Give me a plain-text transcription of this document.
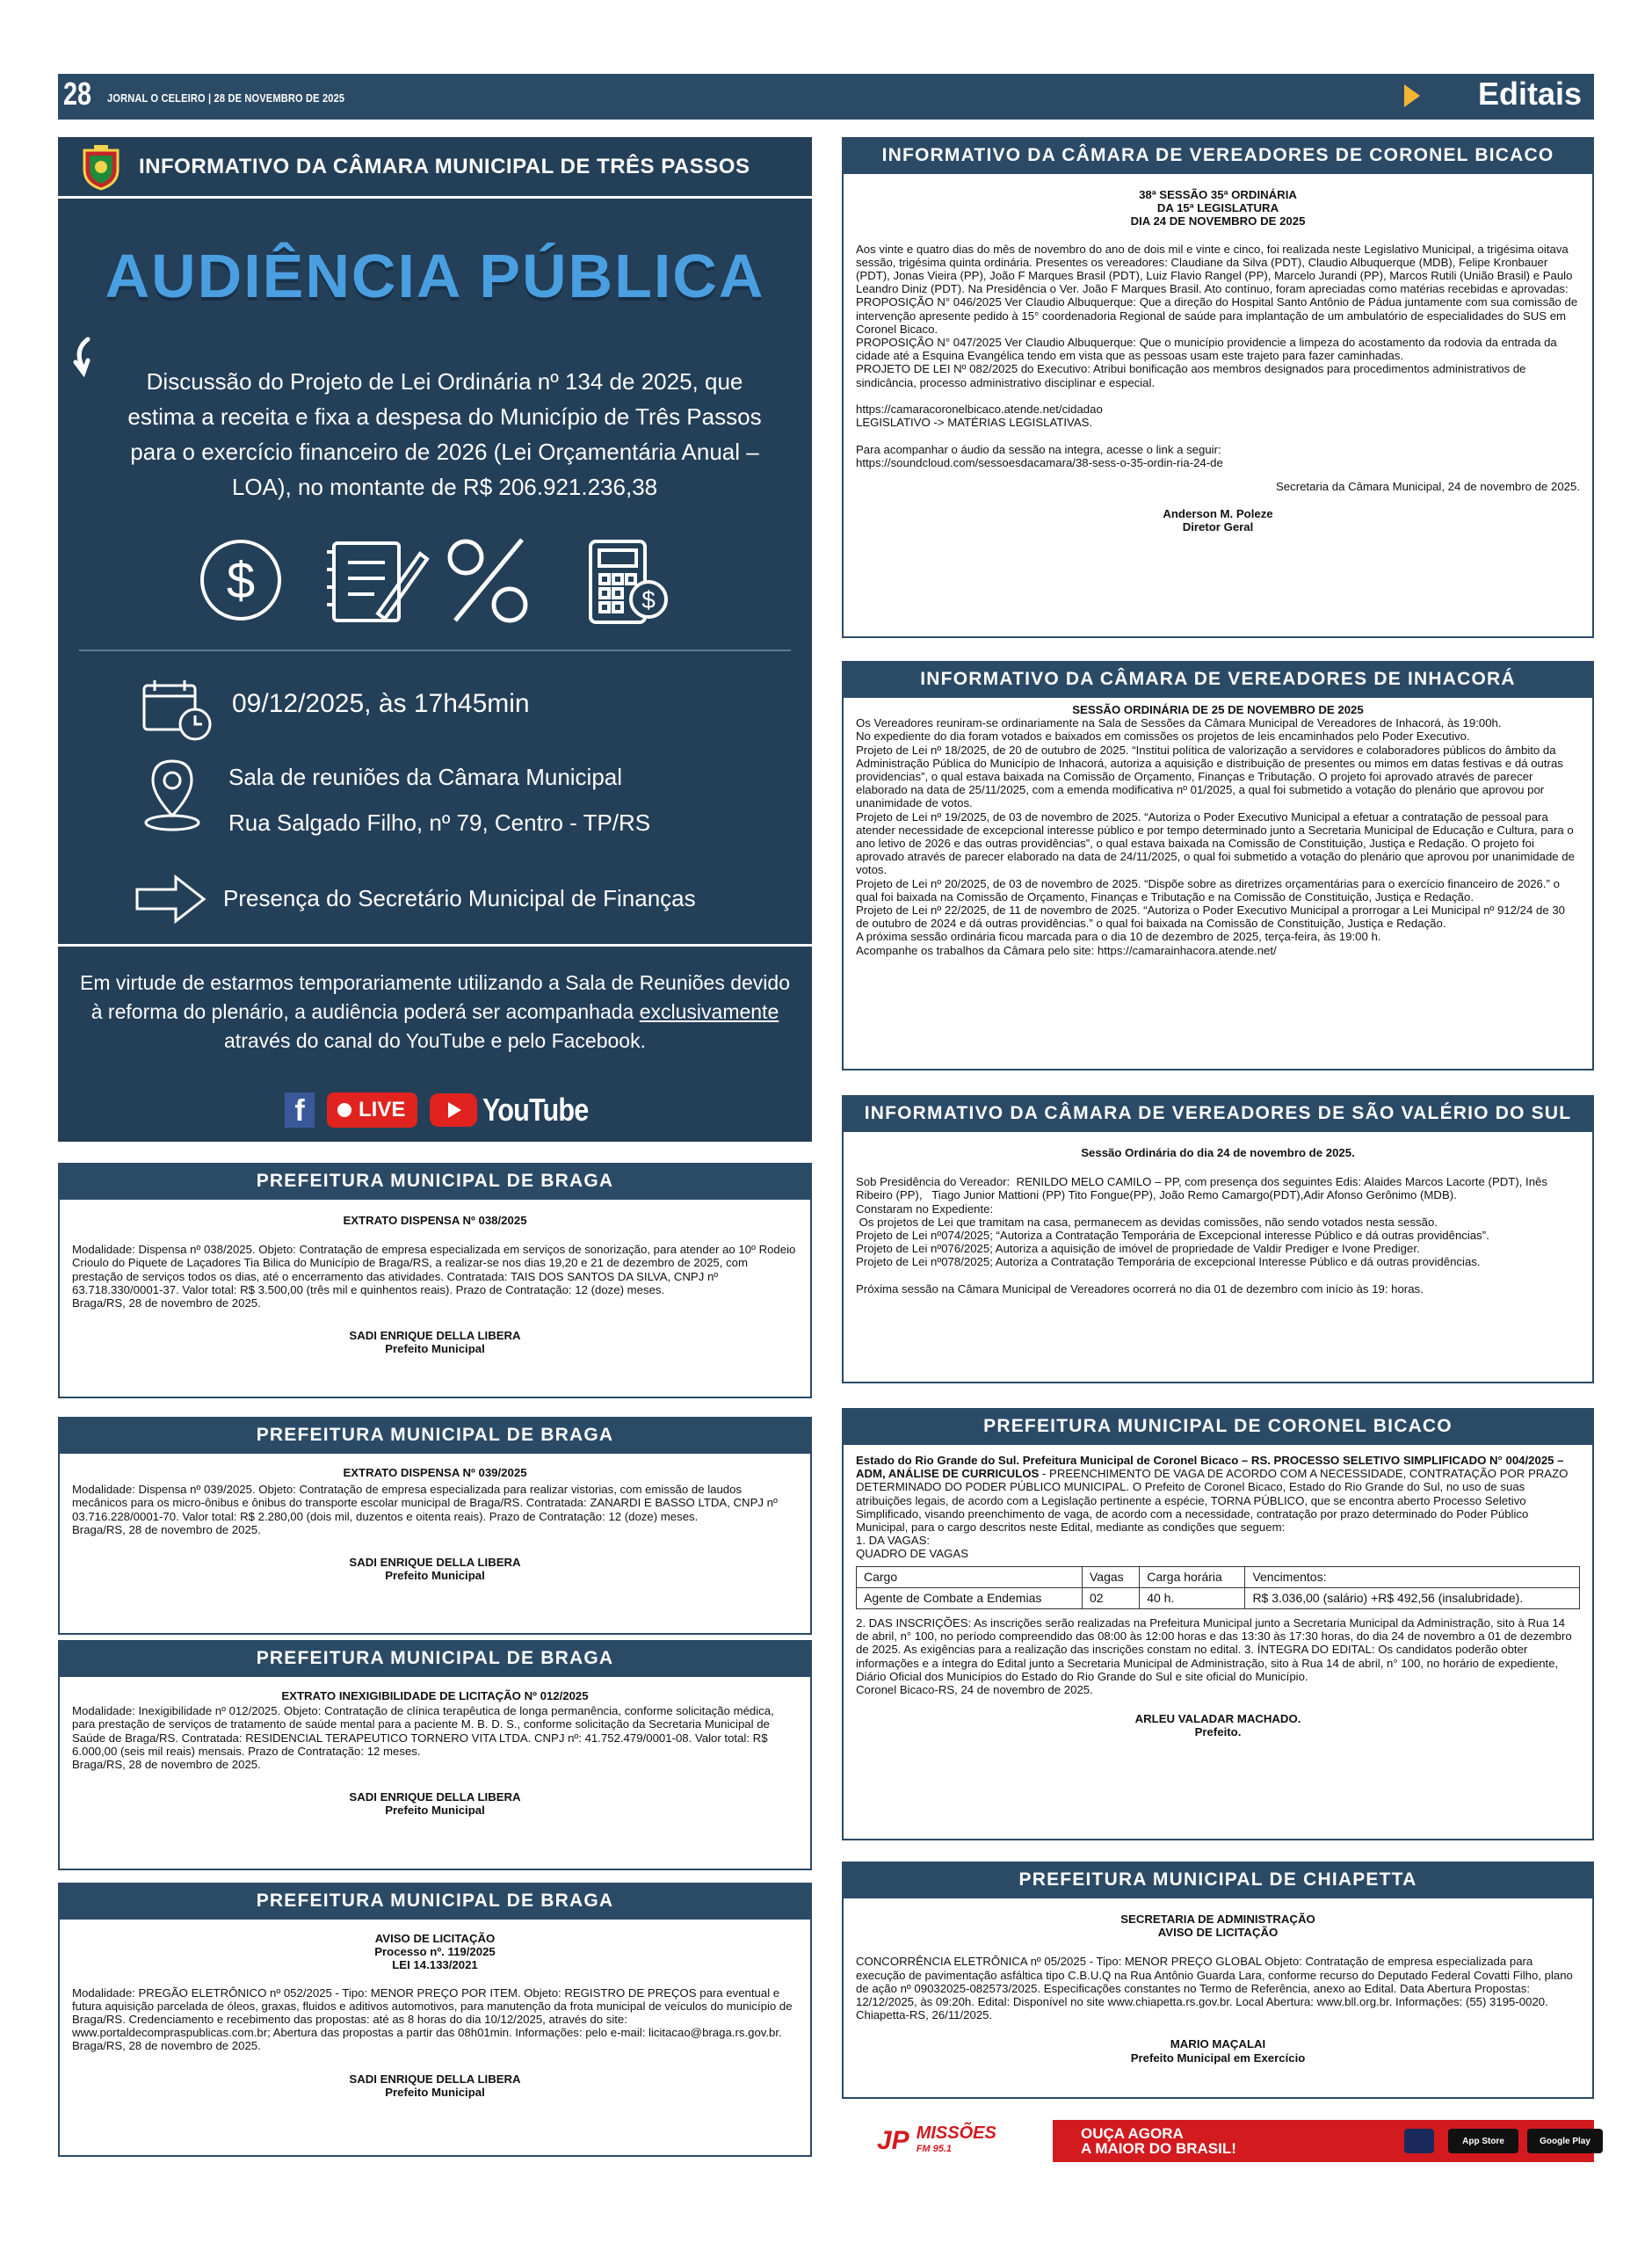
28 JORNAL O CELEIRO | 28 DE NOVEMBRO DE 2025	Editais
INFORMATIVO DA CÂMARA MUNICIPAL DE TRÊS PASSOS
AUDIÊNCIA PÚBLICA
Discussão do Projeto de Lei Ordinária nº 134 de 2025, que estima a receita e fixa a despesa do Município de Três Passos para o exercício financeiro de 2026 (Lei Orçamentária Anual – LOA), no montante de R$ 206.921.236,38
$	$
09/12/2025, às 17h45min
Sala de reuniões da Câmara Municipal
Rua Salgado Filho, nº 79, Centro - TP/RS
Presença do Secretário Municipal de Finanças
Em virtude de estarmos temporariamente utilizando a Sala de Reuniões devido à reforma do plenário, a audiência poderá ser acompanhada exclusivamente através do canal do YouTube e pelo Facebook.
f	LIVE YouTube
PREFEITURA MUNICIPAL DE BRAGA
EXTRATO DISPENSA Nº 038/2025
Modalidade: Dispensa nº 038/2025. Objeto: Contratação de empresa especializada em serviços de sonorização, para atender ao 10º Rodeio Crioulo do Piquete de Laçadores Tia Bilica do Município de Braga/RS, a realizar-se nos dias 19,20 e 21 de dezembro de 2025, com prestação de serviços todos os dias, até o encerramento das atividades. Contratada: TAIS DOS SANTOS DA SILVA, CNPJ nº 63.718.330/0001-37. Valor total: R$ 3.500,00 (três mil e quinhentos reais). Prazo de Contratação: 12 (doze) meses.
Braga/RS, 28 de novembro de 2025.
SADI ENRIQUE DELLA LIBERA
Prefeito Municipal
PREFEITURA MUNICIPAL DE BRAGA
EXTRATO DISPENSA Nº 039/2025
Modalidade: Dispensa nº 039/2025. Objeto: Contratação de empresa especializada para realizar vistorias, com emissão de laudos mecânicos para os micro-ônibus e ônibus do transporte escolar municipal de Braga/RS. Contratada: ZANARDI E BASSO LTDA, CNPJ nº 03.716.228/0001-70. Valor total: R$ 2.280,00 (dois mil, duzentos e oitenta reais). Prazo de Contratação: 12 (doze) meses.
Braga/RS, 28 de novembro de 2025.
SADI ENRIQUE DELLA LIBERA
Prefeito Municipal
PREFEITURA MUNICIPAL DE BRAGA
EXTRATO INEXIGIBILIDADE DE LICITAÇÃO Nº 012/2025
Modalidade: Inexigibilidade nº 012/2025. Objeto: Contratação de clínica terapêutica de longa permanência, conforme solicitação médica, para prestação de serviços de tratamento de saúde mental para a paciente M. B. D. S., conforme solicitação da Secretaria Municipal de Saúde de Braga/RS. Contratada: RESIDENCIAL TERAPEUTICO TORNERO VITA LTDA. CNPJ nº: 41.752.479/0001-08. Valor total: R$ 6.000,00 (seis mil reais) mensais. Prazo de Contratação: 12 meses.
Braga/RS, 28 de novembro de 2025.
SADI ENRIQUE DELLA LIBERA
Prefeito Municipal
PREFEITURA MUNICIPAL DE BRAGA
AVISO DE LICITAÇÃO
Processo nº. 119/2025
LEI 14.133/2021
Modalidade: PREGÃO ELETRÔNICO nº 052/2025 - Tipo: MENOR PREÇO POR ITEM. Objeto: REGISTRO DE PREÇOS para eventual e futura aquisição parcelada de óleos, graxas, fluidos e aditivos automotivos, para manutenção da frota municipal de veículos do município de Braga/RS. Credenciamento e recebimento das propostas: até as 8 horas do dia 10/12/2025, através do site: www.portaldecompraspublicas.com.br; Abertura das propostas a partir das 08h01min. Informações: pelo e-mail: licitacao@braga.rs.gov.br.
Braga/RS, 28 de novembro de 2025.
SADI ENRIQUE DELLA LIBERA
Prefeito Municipal
INFORMATIVO DA CÂMARA DE VEREADORES DE CORONEL BICACO
38ª SESSÃO 35ª ORDINÁRIA
DA 15ª LEGISLATURA
DIA 24 DE NOVEMBRO DE 2025
Aos vinte e quatro dias do mês de novembro do ano de dois mil e vinte e cinco, foi realizada neste Legislativo Municipal, a trigésima oitava sessão, trigésima quinta ordinária. Presentes os vereadores: Claudiane da Silva (PDT), Claudio Albuquerque (MDB), Felipe Kronbauer (PDT), Jonas Vieira (PP), João F Marques Brasil (PDT), Luiz Flavio Rangel (PP), Marcelo Jurandi (PP), Marcos Rutili (União Brasil) e Paulo Leandro Diniz (PDT). Na Presidência o Ver. João F Marques Brasil. Ato contínuo, foram apreciadas como matérias recebidas e aprovadas:
PROPOSIÇÃO N° 046/2025 Ver Claudio Albuquerque: Que a direção do Hospital Santo Antônio de Pádua juntamente com sua comissão de intervenção apresente pedido à 15° coordenadoria Regional de saúde para implantação de um ambulatório de especialidades do SUS em Coronel Bicaco.
PROPOSIÇÃO N° 047/2025 Ver Claudio Albuquerque: Que o município providencie a limpeza do acostamento da rodovia da entrada da cidade até a Esquina Evangélica tendo em vista que as pessoas usam este trajeto para fazer caminhadas.
PROJETO DE LEI Nº 082/2025 do Executivo: Atribui bonificação aos membros designados para procedimentos administrativos de sindicância, processo administrativo disciplinar e especial.

https://camaracoronelbicaco.atende.net/cidadao
LEGISLATIVO -> MATÉRIAS LEGISLATIVAS.

Para acompanhar o áudio da sessão na integra, acesse o link a seguir:
https://soundcloud.com/sessoesdacamara/38-sess-o-35-ordin-ria-24-de
Secretaria da Câmara Municipal, 24 de novembro de 2025.
Anderson M. Poleze
Diretor Geral
INFORMATIVO DA CÂMARA DE VEREADORES DE INHACORÁ
SESSÃO ORDINÁRIA DE 25 DE NOVEMBRO DE 2025
Os Vereadores reuniram-se ordinariamente na Sala de Sessões da Câmara Municipal de Vereadores de Inhacorá, às 19:00h.
No expediente do dia foram votados e baixados em comissões os projetos de leis encaminhados pelo Poder Executivo.
Projeto de Lei nº 18/2025, de 20 de outubro de 2025. “Institui política de valorização a servidores e colaboradores públicos do âmbito da Administração Pública do Município de Inhacorá, autoriza a aquisição e distribuição de presentes ou mimos em datas festivas e dá outras providencias”, o qual estava baixada na Comissão de Orçamento, Finanças e Tributação. O projeto foi aprovado através de parecer elaborado na data de 25/11/2025, com a emenda modificativa nº 01/2025, a qual foi submetido a votação do plenário que aprovou por unanimidade de votos.
Projeto de Lei nº 19/2025, de 03 de novembro de 2025. “Autoriza o Poder Executivo Municipal a efetuar a contratação de pessoal para atender necessidade de excepcional interesse público e por tempo determinado junto a Secretaria Municipal de Educação e Cultura, para o ano letivo de 2026 e das outras providências”, o qual estava baixada na Comissão de Constituição, Justiça e Redação. O projeto foi aprovado através de parecer elaborado na data de 24/11/2025, o qual foi submetido a votação do plenário que aprovou por unanimidade de votos.
Projeto de Lei nº 20/2025, de 03 de novembro de 2025. “Dispõe sobre as diretrizes orçamentárias para o exercício financeiro de 2026.” o qual foi baixada na Comissão de Orçamento, Finanças e Tributação e na Comissão de Constituição, Justiça e Redação.
Projeto de Lei nº 22/2025, de 11 de novembro de 2025. “Autoriza o Poder Executivo Municipal a prorrogar a Lei Municipal nº 912/24 de 30 de outubro de 2024 e dá outras providências.” o qual foi baixada na Comissão de Constituição, Justiça e Redação.
A próxima sessão ordinária ficou marcada para o dia 10 de dezembro de 2025, terça-feira, às 19:00 h.
Acompanhe os trabalhos da Câmara pelo site: https://camarainhacora.atende.net/
INFORMATIVO DA CÂMARA DE VEREADORES DE SÃO VALÉRIO DO SUL
Sessão Ordinária do dia 24 de novembro de 2025.
Sob Presidência do Vereador:  RENILDO MELO CAMILO – PP, com presença dos seguintes Edis: Alaides Marcos Lacorte (PDT), Inês Ribeiro (PP),   Tiago Junior Mattioni (PP) Tito Fongue(PP), João Remo Camargo(PDT),Adir Afonso Gerônimo (MDB).
Constaram no Expediente:
Os projetos de Lei que tramitam na casa, permanecem as devidas comissões, não sendo votados nesta sessão.
Projeto de Lei nº074/2025; “Autoriza a Contratação Temporária de Excepcional interesse Público e dá outras providências”.
Projeto de Lei nº076/2025; Autoriza a aquisição de imóvel de propriedade de Valdir Prediger e Ivone Prediger.
Projeto de Lei nº078/2025; Autoriza a Contratação Temporária de excepcional Interesse Público e dá outras providências.

Próxima sessão na Câmara Municipal de Vereadores ocorrerá no dia 01 de dezembro com início às 19: horas.
PREFEITURA MUNICIPAL DE CORONEL BICACO
Estado do Rio Grande do Sul. Prefeitura Municipal de Coronel Bicaco – RS. PROCESSO SELETIVO SIMPLIFICADO N° 004/2025 – ADM, ANÁLISE DE CURRICULOS - PREENCHIMENTO DE VAGA DE ACORDO COM A NECESSIDADE, CONTRATAÇÃO POR PRAZO DETERMINADO DO PODER PÚBLICO MUNICIPAL. O Prefeito de Coronel Bicaco, Estado do Rio Grande do Sul, no uso de suas atribuições legais, de acordo com a Legislação pertinente a espécie, TORNA PÚBLICO, que se encontra aberto Processo Seletivo Simplificado, visando preenchimento de vaga, de acordo com a necessidade, contratação por prazo determinado do Poder Público Municipal, para o cargo descritos neste Edital, mediante as condições que seguem:
1. DA VAGAS:
QUADRO DE VAGAS
Cargo	Vagas	Carga horária	Vencimentos:
Agente de Combate a Endemias	02	40 h.	R$ 3.036,00 (salário) +R$ 492,56 (insalubridade).
2. DAS INSCRIÇÕES: As inscrições serão realizadas na Prefeitura Municipal junto a Secretaria Municipal da Administração, sito à Rua 14 de abril, n° 100, no período compreendido das 08:00 às 12:00 horas e das 13:30 às 17:30 horas, do dia 24 de novembro a 01 de dezembro de 2025. As exigências para a realização das inscrições constam no edital. 3. ÍNTEGRA DO EDITAL: Os candidatos poderão obter informações e a íntegra do Edital junto a Secretaria Municipal de Administração, sito à Rua 14 de abril, n° 100, no horário de expediente, Diário Oficial dos Municípios do Estado do Rio Grande do Sul e site oficial do Município.
Coronel Bicaco-RS, 24 de novembro de 2025.
ARLEU VALADAR MACHADO.
Prefeito.
PREFEITURA MUNICIPAL DE CHIAPETTA
SECRETARIA DE ADMINISTRAÇÃO
AVISO DE LICITAÇÃO
CONCORRÊNCIA ELETRÔNICA nº 05/2025 - Tipo: MENOR PREÇO GLOBAL Objeto: Contratação de empresa especializada para execução de pavimentação asfáltica tipo C.B.U.Q na Rua Antônio Guarda Lara, conforme recurso do Deputado Federal Covatti Filho, plano de ação nº 09032025-082573/2025. Especificações constantes no Termo de Referência, anexo ao Edital. Data Abertura Propostas: 12/12/2025, às 09:20h. Edital: Disponível no site www.chiapetta.rs.gov.br. Local Abertura: www.bll.org.br. Informações: (55) 3195-0020. Chiapetta-RS, 26/11/2025.
MARIO MAÇALAI
Prefeito Municipal em Exercício
JP MISSÕES
FM 95.1
OUÇA AGORA
A MAIOR DO BRASIL!	App Store	Google Play
